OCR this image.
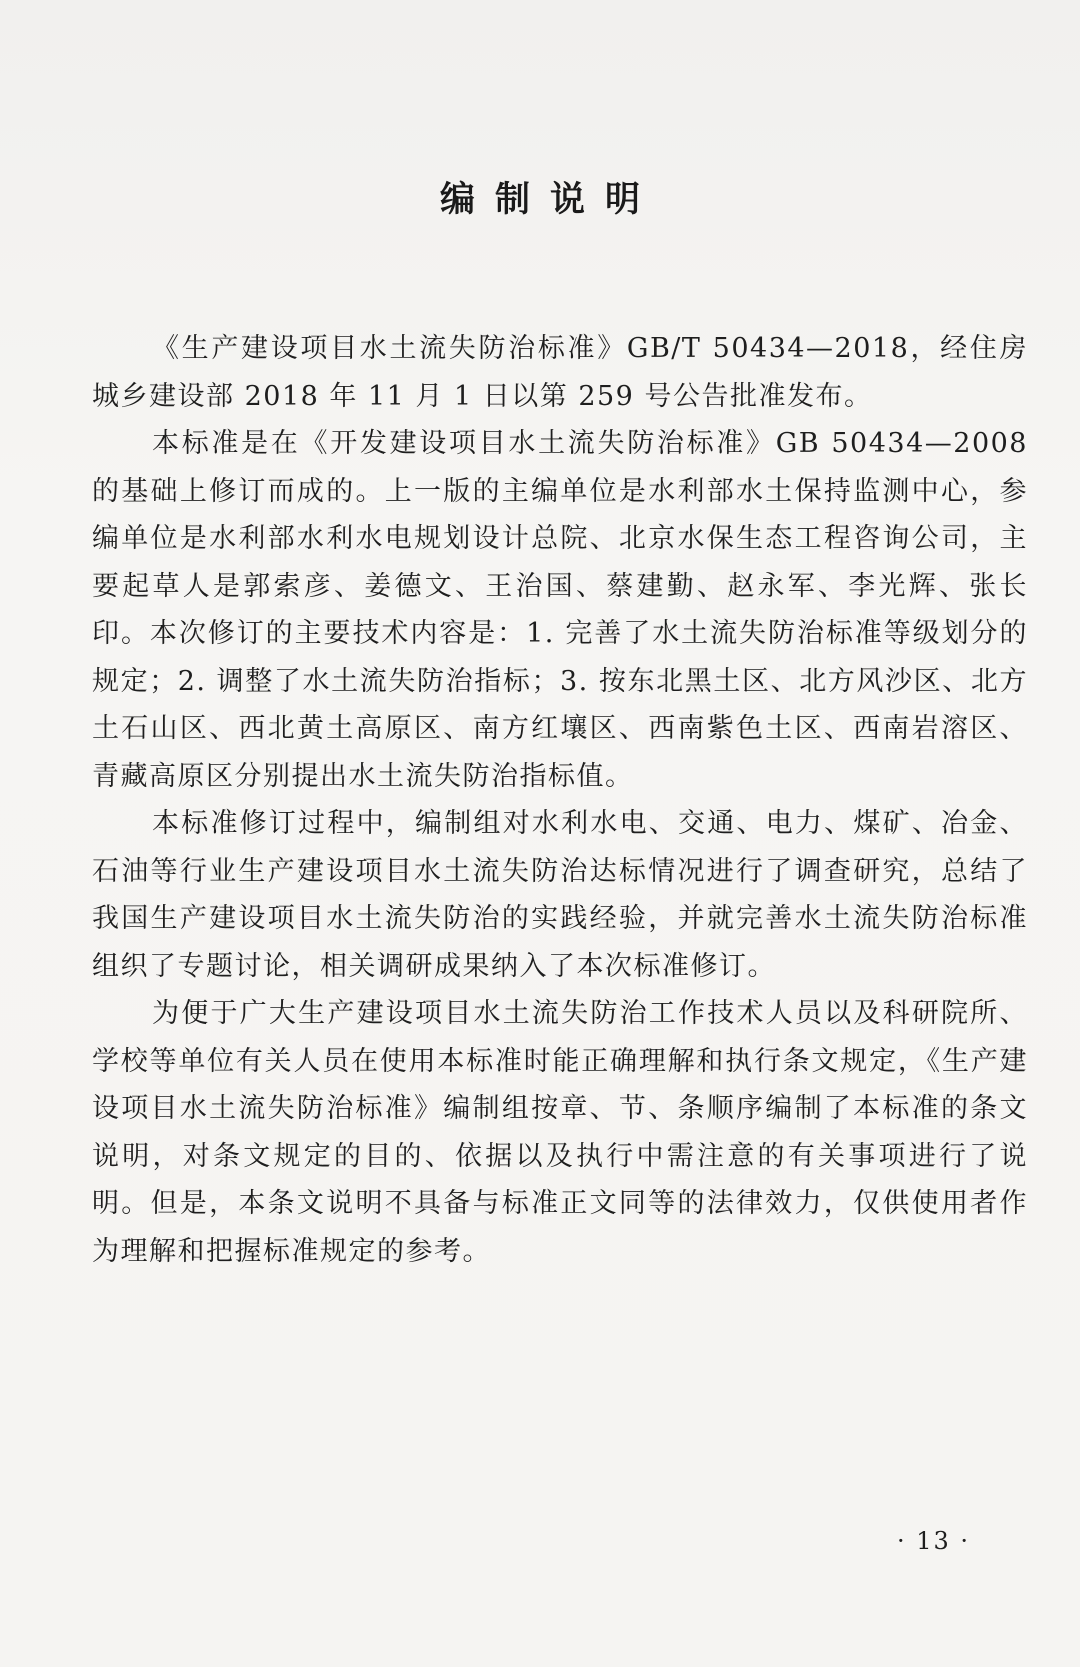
编制说明

《生产建设项目水土流失防治标准》GB/T 50434—2018，经住房城乡建设部 2018 年 11 月 1 日以第 259 号公告批准发布。

本标准是在《开发建设项目水土流失防治标准》GB 50434—2008 的基础上修订而成的。上一版的主编单位是水利部水土保持监测中心，参编单位是水利部水利水电规划设计总院、北京水保生态工程咨询公司，主要起草人是郭索彦、姜德文、王治国、蔡建勤、赵永军、李光辉、张长印。本次修订的主要技术内容是：1. 完善了水土流失防治标准等级划分的规定；2. 调整了水土流失防治指标；3. 按东北黑土区、北方风沙区、北方土石山区、西北黄土高原区、南方红壤区、西南紫色土区、西南岩溶区、青藏高原区分别提出水土流失防治指标值。

本标准修订过程中，编制组对水利水电、交通、电力、煤矿、冶金、石油等行业生产建设项目水土流失防治达标情况进行了调查研究，总结了我国生产建设项目水土流失防治的实践经验，并就完善水土流失防治标准组织了专题讨论，相关调研成果纳入了本次标准修订。

为便于广大生产建设项目水土流失防治工作技术人员以及科研院所、学校等单位有关人员在使用本标准时能正确理解和执行条文规定，《生产建设项目水土流失防治标准》编制组按章、节、条顺序编制了本标准的条文说明，对条文规定的目的、依据以及执行中需注意的有关事项进行了说明。但是，本条文说明不具备与标准正文同等的法律效力，仅供使用者作为理解和把握标准规定的参考。

· 13 ·
